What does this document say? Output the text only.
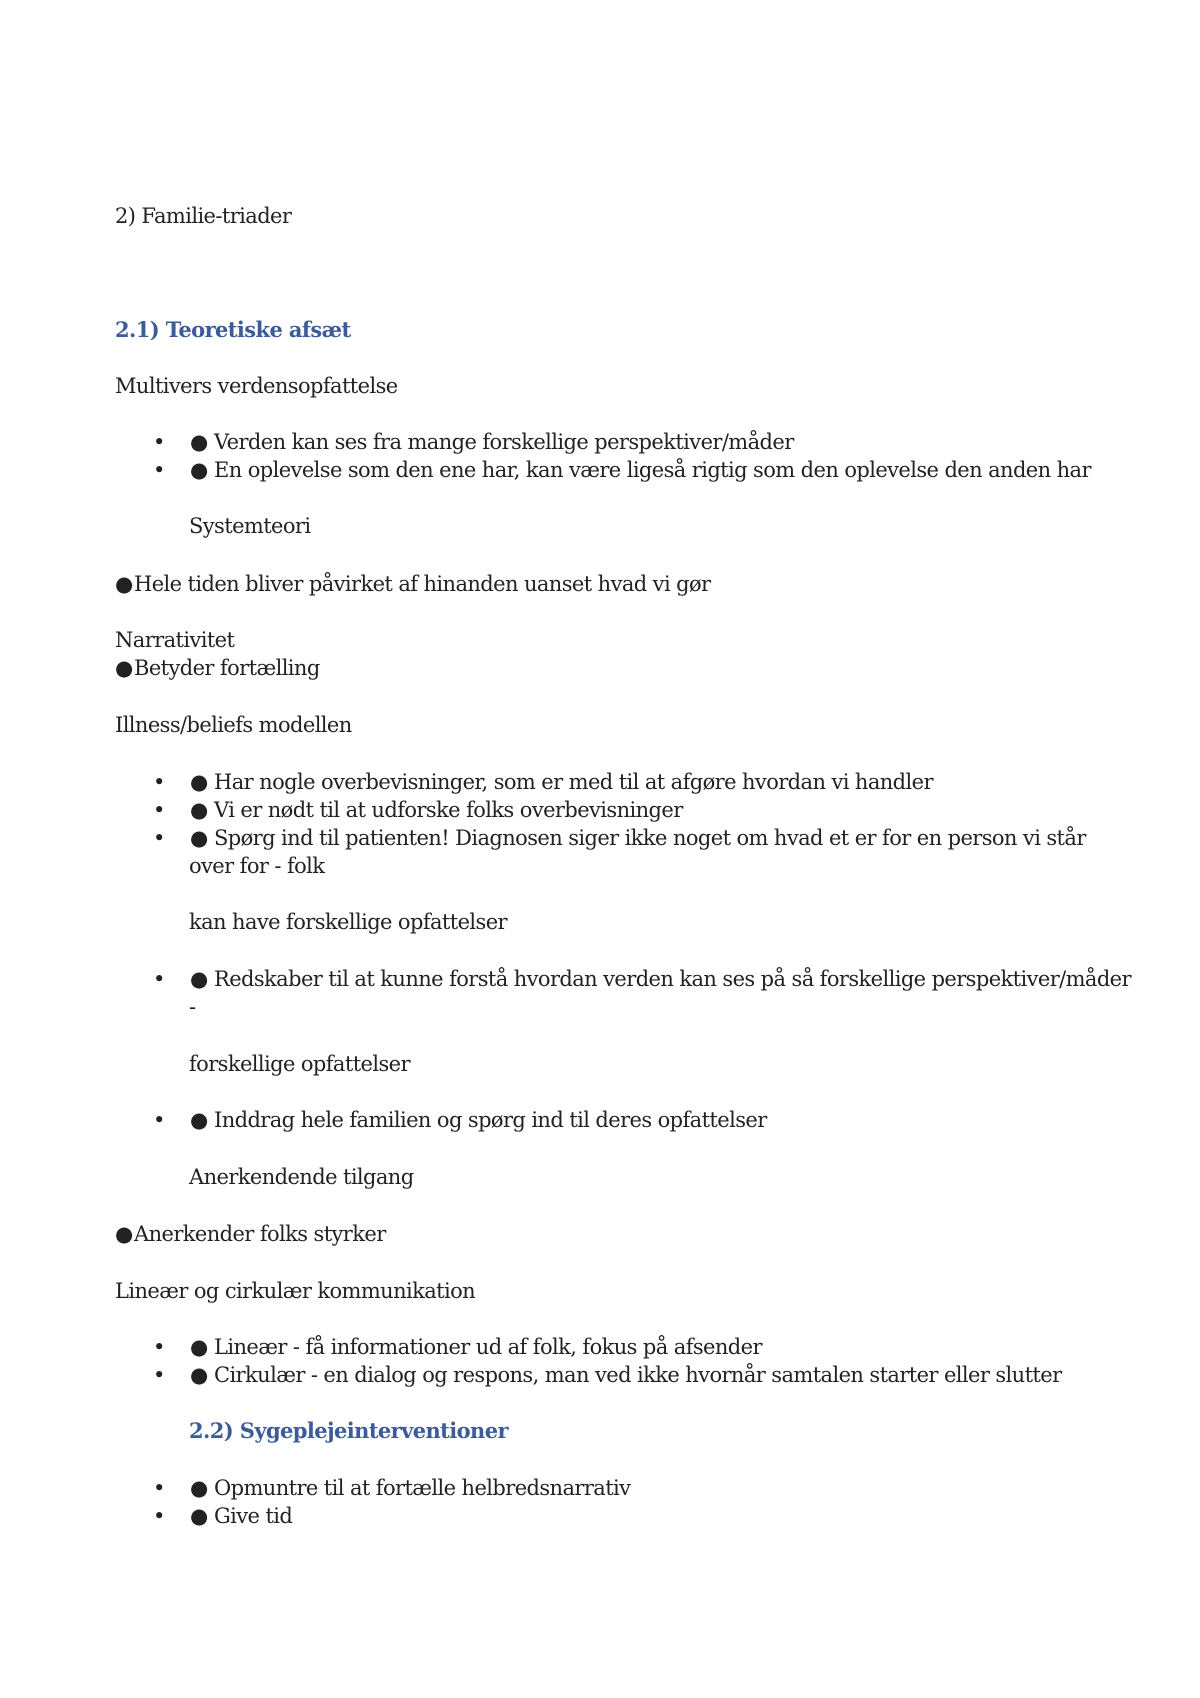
2) Familie-triader
2.1) Teoretiske afsæt
Multivers verdensopfattelse
• ● Verden kan ses fra mange forskellige perspektiver/måder
• ● En oplevelse som den ene har, kan være ligeså rigtig som den oplevelse den anden har
Systemteori
● Hele tiden bliver påvirket af hinanden uanset hvad vi gør
Narrativitet
● Betyder fortælling
Illness/beliefs modellen
• ● Har nogle overbevisninger, som er med til at afgøre hvordan vi handler
• ● Vi er nødt til at udforske folks overbevisninger
• ● Spørg ind til patienten! Diagnosen siger ikke noget om hvad et er for en person vi står
over for - folk
kan have forskellige opfattelser
• ● Redskaber til at kunne forstå hvordan verden kan ses på så forskellige perspektiver/måder
-
forskellige opfattelser
• ● Inddrag hele familien og spørg ind til deres opfattelser
Anerkendende tilgang
● Anerkender folks styrker
Lineær og cirkulær kommunikation
• ● Lineær - få informationer ud af folk, fokus på afsender
• ● Cirkulær - en dialog og respons, man ved ikke hvornår samtalen starter eller slutter
2.2) Sygeplejeinterventioner
• ● Opmuntre til at fortælle helbredsnarrativ
• ● Give tid
